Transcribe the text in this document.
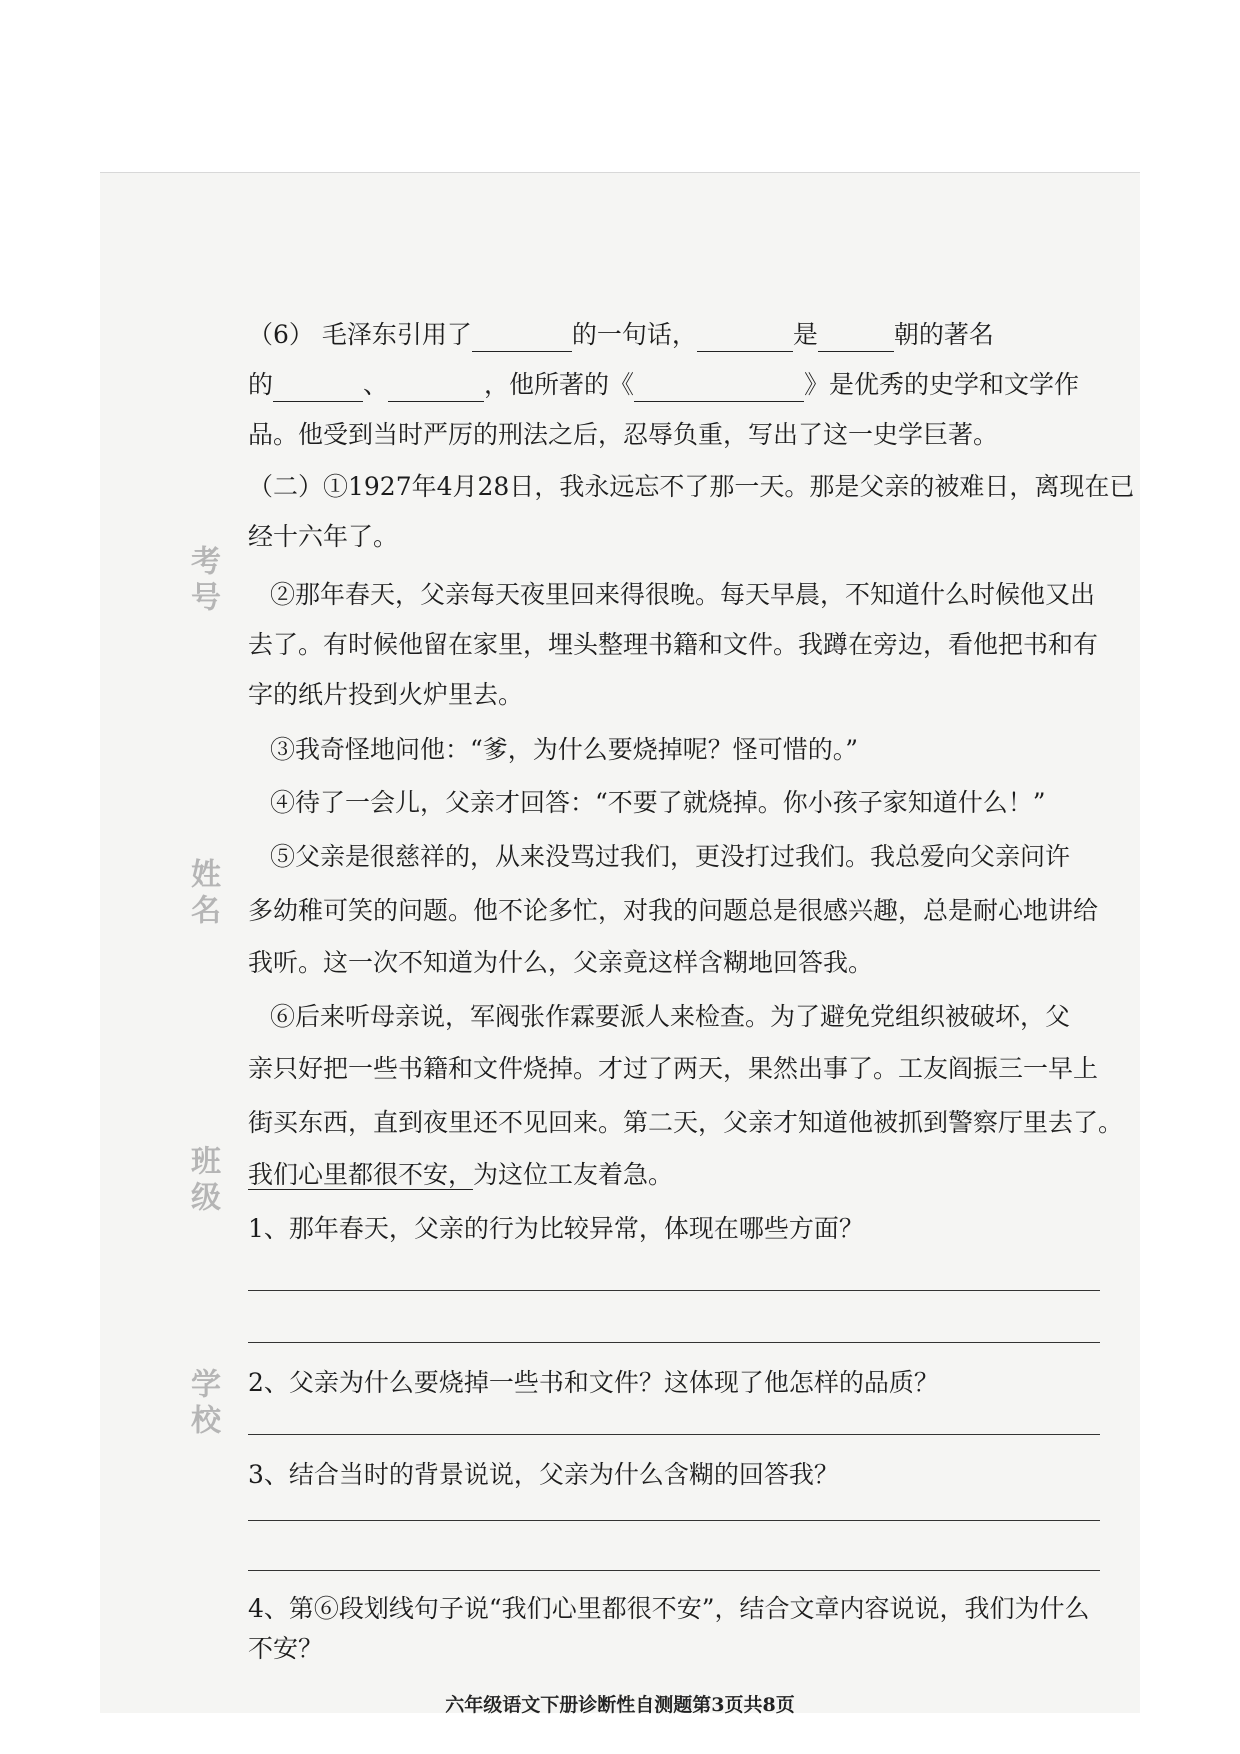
考号
姓名
班级
学校
（6） 毛泽东引用了	的一句话，	是	朝的著名
的	、	，他所著的《	》是优秀的史学和文学作
品。他受到当时严厉的刑法之后，忍辱负重，写出了这一史学巨著。
（二）①1927年4月28日，我永远忘不了那一天。那是父亲的被难日，离现在已
经十六年了。
②那年春天，父亲每天夜里回来得很晚。每天早晨，不知道什么时候他又出
去了。有时候他留在家里，埋头整理书籍和文件。我蹲在旁边，看他把书和有
字的纸片投到火炉里去。
③我奇怪地问他：“爹，为什么要烧掉呢？怪可惜的。”
④待了一会儿，父亲才回答：“不要了就烧掉。你小孩子家知道什么！”
⑤父亲是很慈祥的，从来没骂过我们，更没打过我们。我总爱向父亲问许
多幼稚可笑的问题。他不论多忙，对我的问题总是很感兴趣，总是耐心地讲给
我听。这一次不知道为什么，父亲竟这样含糊地回答我。
⑥后来听母亲说，军阀张作霖要派人来检查。为了避免党组织被破坏，父
亲只好把一些书籍和文件烧掉。才过了两天，果然出事了。工友阎振三一早上
街买东西，直到夜里还不见回来。第二天，父亲才知道他被抓到警察厅里去了。
我们心里都很不安，为这位工友着急。
1、那年春天，父亲的行为比较异常，体现在哪些方面？
2、父亲为什么要烧掉一些书和文件？这体现了他怎样的品质？
3、结合当时的背景说说，父亲为什么含糊的回答我？
4、第⑥段划线句子说“我们心里都很不安”，结合文章内容说说，我们为什么
不安？
六年级语文下册诊断性自测题第3页共8页
